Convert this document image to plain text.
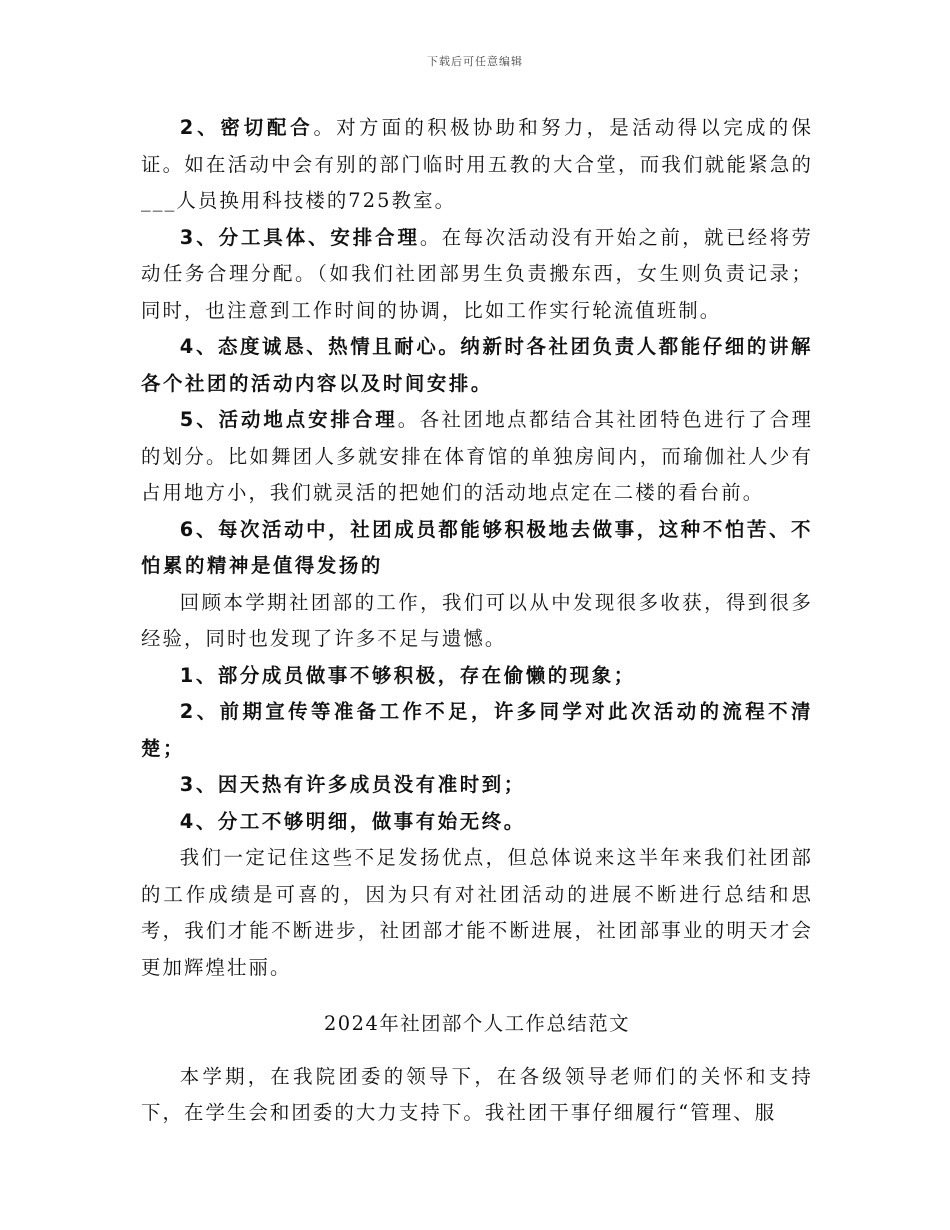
下载后可任意编辑

2、密切配合。对方面的积极协助和努力，是活动得以完成的保证。如在活动中会有别的部门临时用五教的大合堂，而我们就能紧急的___人员换用科技楼的725教室。

3、分工具体、安排合理。在每次活动没有开始之前，就已经将劳动任务合理分配。（如我们社团部男生负责搬东西，女生则负责记录；同时，也注意到工作时间的协调，比如工作实行轮流值班制。

4、态度诚恳、热情且耐心。纳新时各社团负责人都能仔细的讲解各个社团的活动内容以及时间安排。

5、活动地点安排合理。各社团地点都结合其社团特色进行了合理的划分。比如舞团人多就安排在体育馆的单独房间内，而瑜伽社人少有占用地方小，我们就灵活的把她们的活动地点定在二楼的看台前。

6、每次活动中，社团成员都能够积极地去做事，这种不怕苦、不怕累的精神是值得发扬的

回顾本学期社团部的工作，我们可以从中发现很多收获，得到很多经验，同时也发现了许多不足与遗憾。

1、部分成员做事不够积极，存在偷懒的现象；

2、前期宣传等准备工作不足，许多同学对此次活动的流程不清楚；

3、因天热有许多成员没有准时到；

4、分工不够明细，做事有始无终。

我们一定记住这些不足发扬优点，但总体说来这半年来我们社团部的工作成绩是可喜的，因为只有对社团活动的进展不断进行总结和思考，我们才能不断进步，社团部才能不断进展，社团部事业的明天才会更加辉煌壮丽。

2024年社团部个人工作总结范文

本学期，在我院团委的领导下，在各级领导老师们的关怀和支持下，在学生会和团委的大力支持下。我社团干事仔细履行“管理、服
